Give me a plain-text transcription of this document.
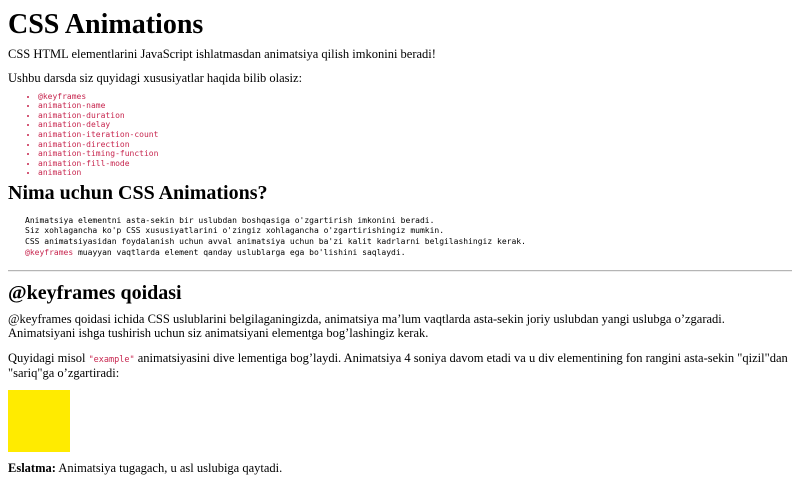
CSS Animations

CSS HTML elementlarini JavaScript ishlatmasdan animatsiya qilish imkonini beradi!

Ushbu darsda siz quyidagi xususiyatlar haqida bilib olasiz:

• @keyframes
• animation-name
• animation-duration
• animation-delay
• animation-iteration-count
• animation-direction
• animation-timing-function
• animation-fill-mode
• animation
Nima uchun CSS Animations?
Animatsiya elementni asta-sekin bir uslubdan boshqasiga o'zgartirish imkonini beradi.
Siz xohlagancha ko'p CSS xususiyatlarini o'zingiz xohlagancha o'zgartirishingiz mumkin.
CSS animatsiyasidan foydalanish uchun avval animatsiya uchun ba'zi kalit kadrlarni belgilashingiz kerak.
@keyframes muayyan vaqtlarda element qanday uslublarga ega bo'lishini saqlaydi.
@keyframes qoidasi

@keyframes qoidasi ichida CSS uslublarini belgilaganingizda, animatsiya ma’lum vaqtlarda asta-sekin joriy uslubdan yangi uslubga o’zgaradi. Animatsiyani ishga tushirish uchun siz animatsiyani elementga bog’lashingiz kerak.

Quyidagi misol "example" animatsiyasini dive lementiga bog’laydi. Animatsiya 4 soniya davom etadi va u div elementining fon rangini asta-sekin "qizil"dan "sariq"ga o’zgartiradi:

Eslatma: Animatsiya tugagach, u asl uslubiga qaytadi.
